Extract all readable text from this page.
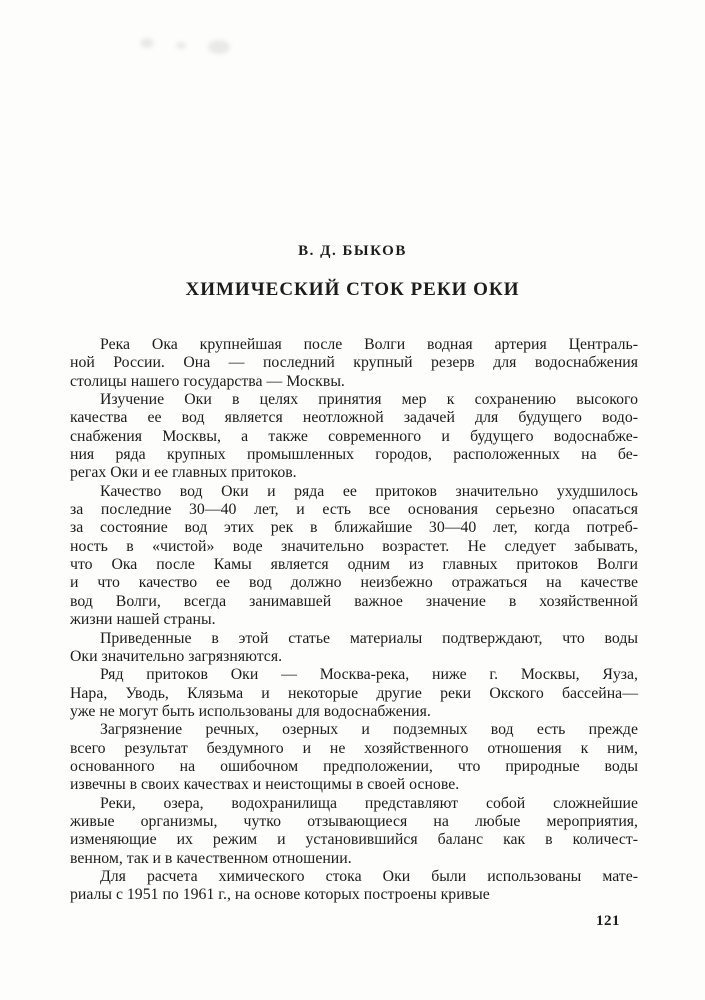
В. Д. БЫКОВ
ХИМИЧЕСКИЙ СТОК РЕКИ ОКИ
Река Ока крупнейшая после Волги водная артерия Централь-
ной России. Она — последний крупный резерв для водоснабжения
столицы нашего государства — Москвы.
Изучение Оки в целях принятия мер к сохранению высокого
качества ее вод является неотложной задачей для будущего водо-
снабжения Москвы, а также современного и будущего водоснабже-
ния ряда крупных промышленных городов, расположенных на бе-
регах Оки и ее главных притоков.
Качество вод Оки и ряда ее притоков значительно ухудшилось
за последние 30—40 лет, и есть все основания серьезно опасаться
за состояние вод этих рек в ближайшие 30—40 лет, когда потреб-
ность в «чистой» воде значительно возрастет. Не следует забывать,
что Ока после Камы является одним из главных притоков Волги
и что качество ее вод должно неизбежно отражаться на качестве
вод Волги, всегда занимавшей важное значение в хозяйственной
жизни нашей страны.
Приведенные в этой статье материалы подтверждают, что воды
Оки значительно загрязняются.
Ряд притоков Оки — Москва-река, ниже г. Москвы, Яуза,
Нара, Уводь, Клязьма и некоторые другие реки Окского бассейна—
уже не могут быть использованы для водоснабжения.
Загрязнение речных, озерных и подземных вод есть прежде
всего результат бездумного и не хозяйственного отношения к ним,
основанного на ошибочном предположении, что природные воды
извечны в своих качествах и неистощимы в своей основе.
Реки, озера, водохранилища представляют собой сложнейшие
живые организмы, чутко отзывающиеся на любые мероприятия,
изменяющие их режим и установившийся баланс как в количест-
венном, так и в качественном отношении.
Для расчета химического стока Оки были использованы мате-
риалы с 1951 по 1961 г., на основе которых построены кривые
121
